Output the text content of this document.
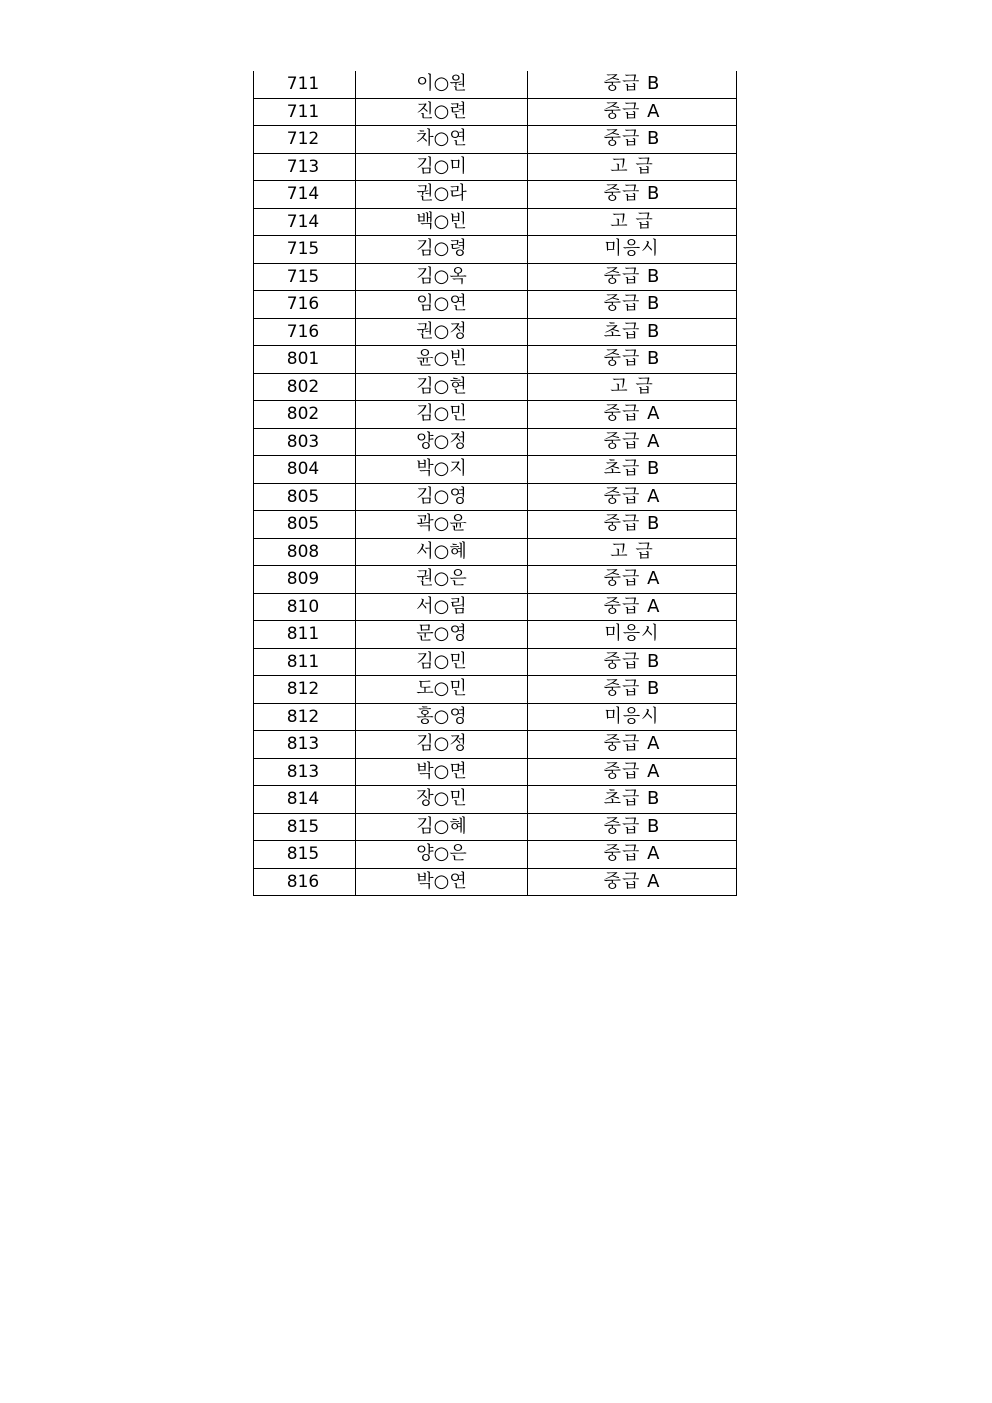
711	이○원	중급 B
711	진○련	중급 A
712	차○연	중급 B
713	김○미	고 급
714	권○라	중급 B
714	백○빈	고 급
715	김○령	미응시
715	김○옥	중급 B
716	임○연	중급 B
716	권○정	초급 B
801	윤○빈	중급 B
802	김○현	고 급
802	김○민	중급 A
803	양○정	중급 A
804	박○지	초급 B
805	김○영	중급 A
805	곽○윤	중급 B
808	서○혜	고 급
809	권○은	중급 A
810	서○림	중급 A
811	문○영	미응시
811	김○민	중급 B
812	도○민	중급 B
812	홍○영	미응시
813	김○정	중급 A
813	박○면	중급 A
814	장○민	초급 B
815	김○혜	중급 B
815	양○은	중급 A
816	박○연	중급 A
